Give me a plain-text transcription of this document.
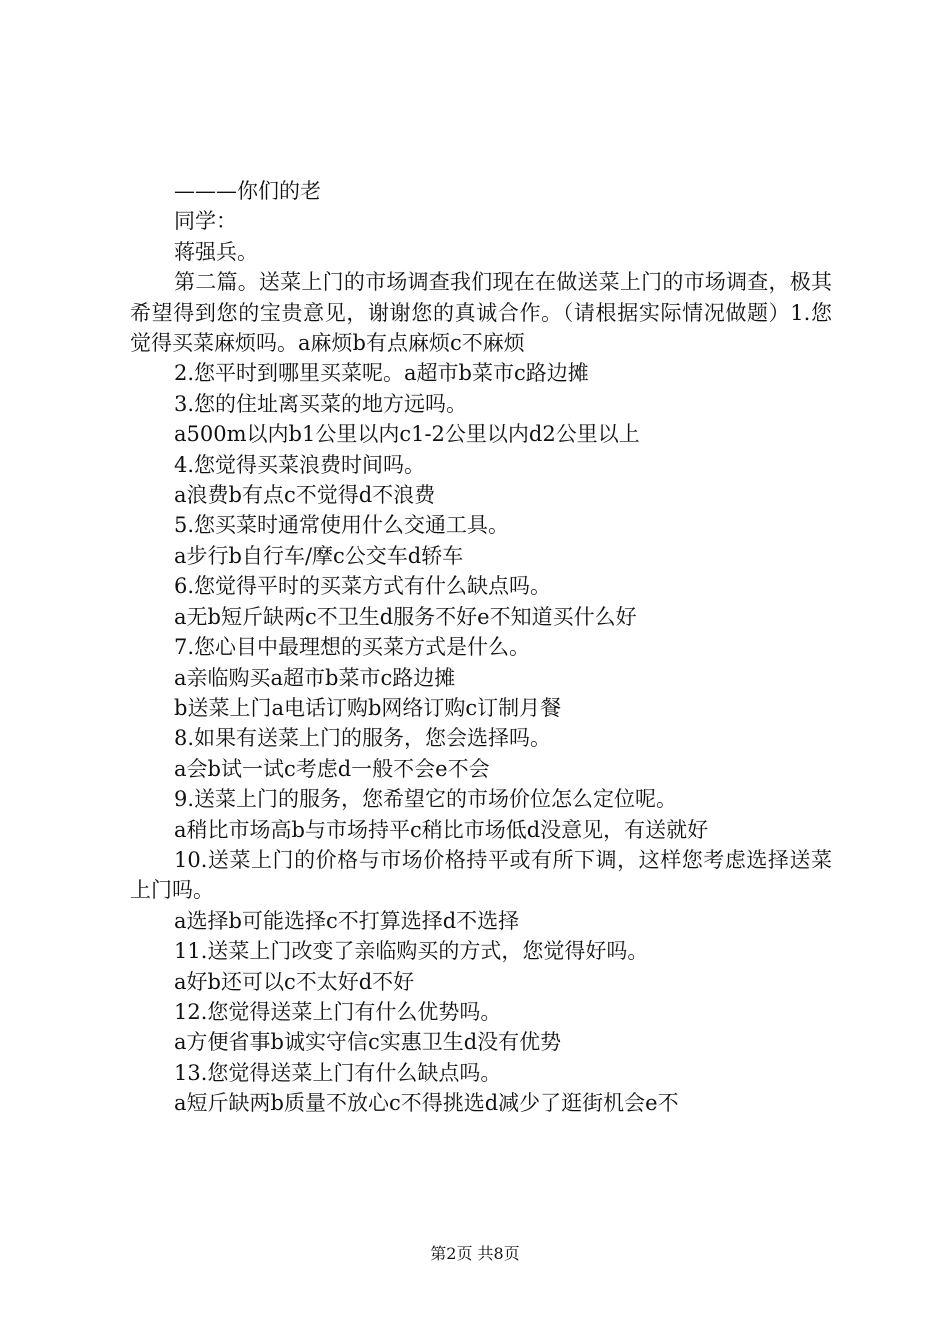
———你们的老

同学：

蒋强兵。

第二篇。送菜上门的市场调查我们现在在做送菜上门的市场调查，极其希望得到您的宝贵意见，谢谢您的真诚合作。（请根据实际情况做题）1.您觉得买菜麻烦吗。a麻烦b有点麻烦c不麻烦

2.您平时到哪里买菜呢。a超市b菜市c路边摊

3.您的住址离买菜的地方远吗。

a500m以内b1公里以内c1-2公里以内d2公里以上

4.您觉得买菜浪费时间吗。

a浪费b有点c不觉得d不浪费

5.您买菜时通常使用什么交通工具。

a步行b自行车/摩c公交车d轿车

6.您觉得平时的买菜方式有什么缺点吗。

a无b短斤缺两c不卫生d服务不好e不知道买什么好

7.您心目中最理想的买菜方式是什么。

a亲临购买a超市b菜市c路边摊

b送菜上门a电话订购b网络订购c订制月餐

8.如果有送菜上门的服务，您会选择吗。

a会b试一试c考虑d一般不会e不会

9.送菜上门的服务，您希望它的市场价位怎么定位呢。

a稍比市场高b与市场持平c稍比市场低d没意见，有送就好

10.送菜上门的价格与市场价格持平或有所下调，这样您考虑选择送菜上门吗。

a选择b可能选择c不打算选择d不选择

11.送菜上门改变了亲临购买的方式，您觉得好吗。

a好b还可以c不太好d不好

12.您觉得送菜上门有什么优势吗。

a方便省事b诚实守信c实惠卫生d没有优势

13.您觉得送菜上门有什么缺点吗。

a短斤缺两b质量不放心c不得挑选d减少了逛街机会e不

第2页 共8页
